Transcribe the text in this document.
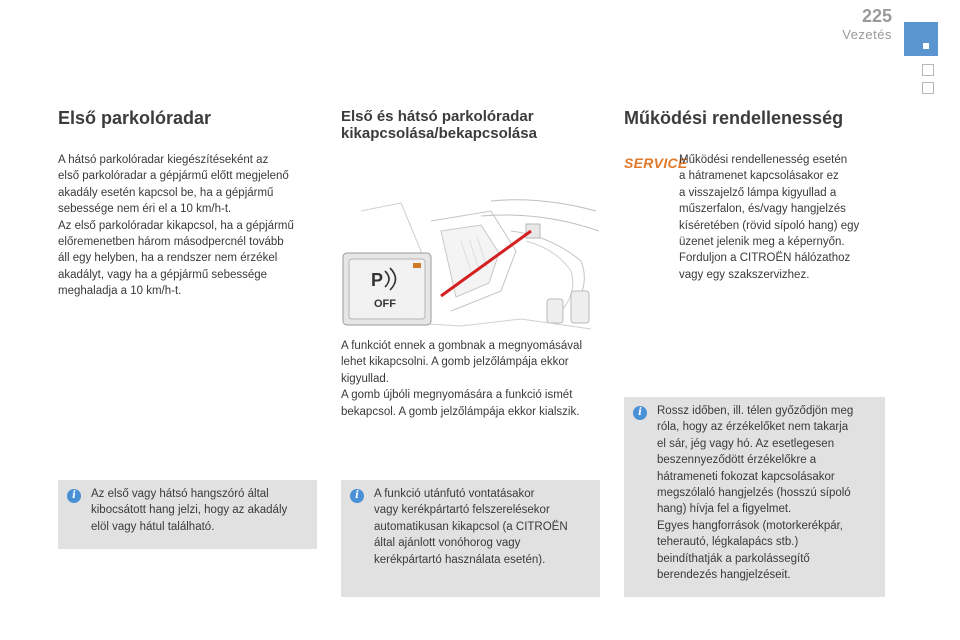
225
Vezetés
Első parkolóradar

A hátsó parkolóradar kiegészítéseként az
első parkolóradar a gépjármű előtt megjelenő
akadály esetén kapcsol be, ha a gépjármű
sebessége nem éri el a 10 km/h-t.
Az első parkolóradar kikapcsol, ha a gépjármű
előremenetben három másodpercnél tovább
áll egy helyben, ha a rendszer nem érzékel
akadályt, vagy ha a gépjármű sebessége
meghaladja a 10 km/h-t.

i	Az első vagy hátsó hangszóró által
kibocsátott hang jelzi, hogy az akadály
elöl vagy hátul található.

Első és hátsó parkolóradar
kikapcsolása/bekapcsolása
P
OFF

A funkciót ennek a gombnak a megnyomásával
lehet kikapcsolni. A gomb jelzőlámpája ekkor
kigyullad.
A gomb újbóli megnyomására a funkció ismét
bekapcsol. A gomb jelzőlámpája ekkor kialszik.

i	A funkció utánfutó vontatásakor
vagy kerékpártartó felszerelésekor
automatikusan kikapcsol (a CITROËN
által ajánlott vonóhorog vagy
kerékpártartó használata esetén).

Működési rendellenesség
SERVICE

Működési rendellenesség esetén
a hátramenet kapcsolásakor ez
a visszajelző lámpa kigyullad a
műszerfalon, és/vagy hangjelzés
kíséretében (rövid sípoló hang) egy
üzenet jelenik meg a képernyőn.
Forduljon a CITROËN hálózathoz
vagy egy szakszervizhez.

i	Rossz időben, ill. télen győződjön meg
róla, hogy az érzékelőket nem takarja
el sár, jég vagy hó. Az esetlegesen
beszennyeződött érzékelőkre a
hátrameneti fokozat kapcsolásakor
megszólaló hangjelzés (hosszú sípoló
hang) hívja fel a figyelmet.
Egyes hangforrások (motorkerékpár,
teherautó, légkalapács stb.)
beindíthatják a parkolássegítő
berendezés hangjelzéseit.
